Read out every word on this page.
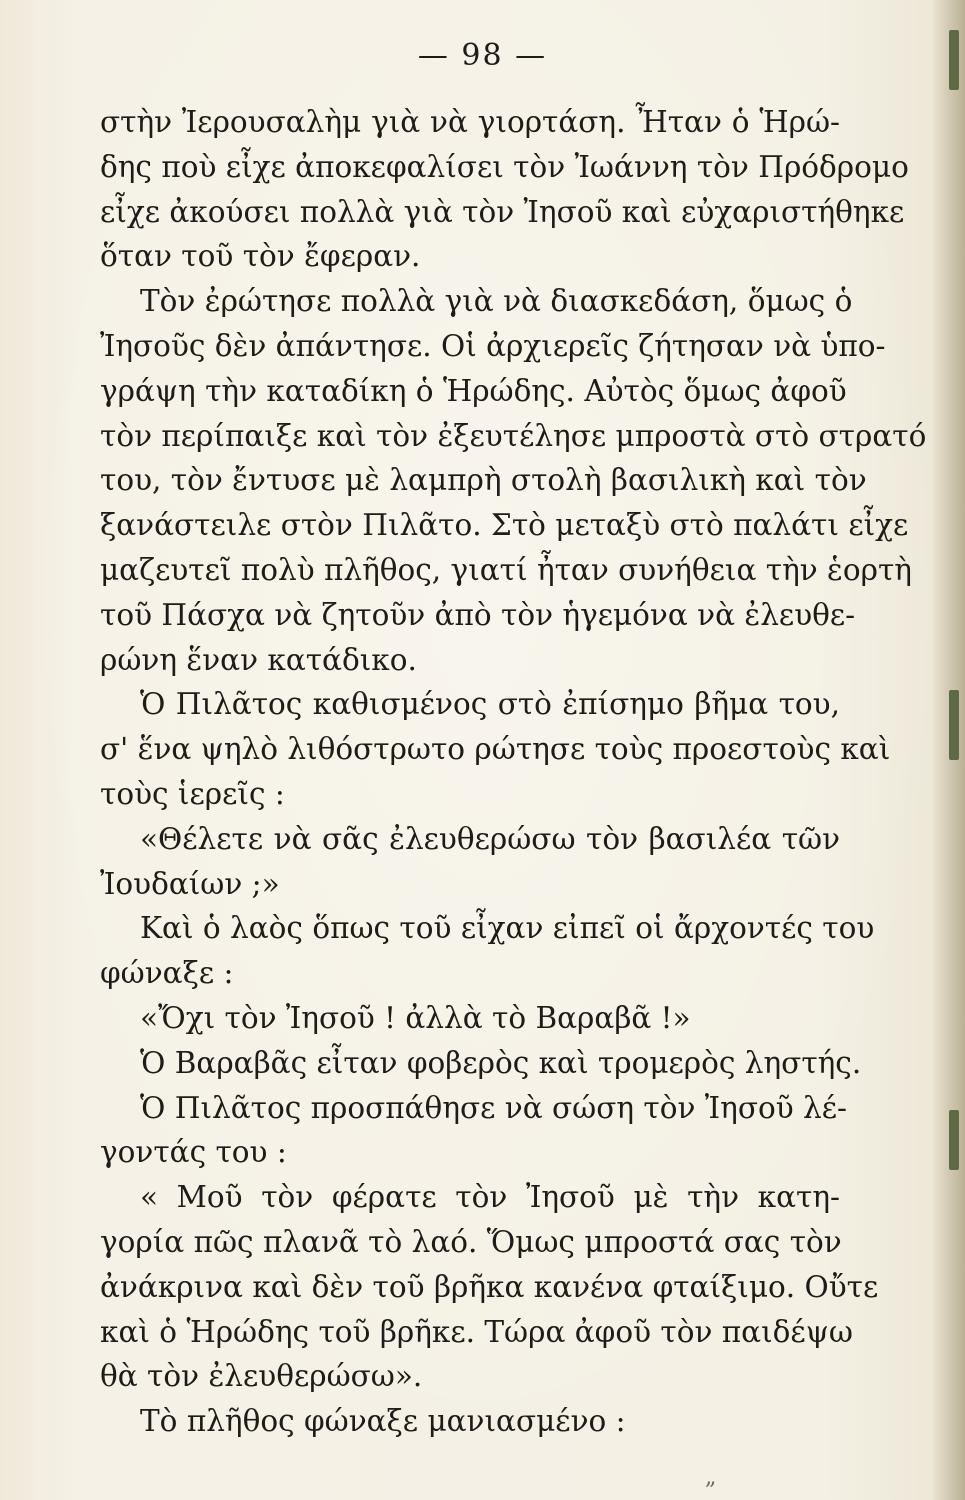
— 98 —
στὴν Ἰερουσαλὴμ γιὰ νὰ γιορτάση. Ἦταν ὁ Ἡρώ-
δης ποὺ εἶχε ἀποκεφαλίσει τὸν Ἰωάννη τὸν Πρόδρομο
εἶχε ἀκούσει πολλὰ γιὰ τὸν Ἰησοῦ καὶ εὐχαριστήθηκε
ὅταν τοῦ τὸν ἔφεραν.
Τὸν ἐρώτησε πολλὰ γιὰ νὰ διασκεδάση, ὅμως ὁ
Ἰησοῦς δὲν ἀπάντησε. Οἱ ἀρχιερεῖς ζήτησαν νὰ ὑπο-
γράψη τὴν καταδίκη ὁ Ἡρώδης. Αὐτὸς ὅμως ἀφοῦ
τὸν περίπαιξε καὶ τὸν ἐξευτέλησε μπροστὰ στὸ στρατό
του, τὸν ἔντυσε μὲ λαμπρὴ στολὴ βασιλικὴ καὶ τὸν
ξανάστειλε στὸν Πιλᾶτο. Στὸ μεταξὺ στὸ παλάτι εἶχε
μαζευτεῖ πολὺ πλῆθος, γιατί ἦταν συνήθεια τὴν ἑορτὴ
τοῦ Πάσχα νὰ ζητοῦν ἀπὸ τὸν ἡγεμόνα νὰ ἐλευθε-
ρώνη ἕναν κατάδικο.
Ὁ Πιλᾶτος καθισμένος στὸ ἐπίσημο βῆμα του,
σ' ἕνα ψηλὸ λιθόστρωτο ρώτησε τοὺς προεστοὺς καὶ
τοὺς ἱερεῖς :
«Θέλετε νὰ σᾶς ἐλευθερώσω τὸν βασιλέα τῶν
Ἰουδαίων ;»
Καὶ ὁ λαὸς ὅπως τοῦ εἶχαν εἰπεῖ οἱ ἄρχοντές του
φώναξε :
«Ὄχι τὸν Ἰησοῦ ! ἀλλὰ τὸ Βαραβᾶ !»
Ὁ Βαραβᾶς εἶταν φοβερὸς καὶ τρομερὸς ληστής.
Ὁ Πιλᾶτος προσπάθησε νὰ σώση τὸν Ἰησοῦ λέ-
γοντάς του :
« Μοῦ τὸν φέρατε τὸν Ἰησοῦ μὲ τὴν κατη-
γορία πῶς πλανᾶ τὸ λαό. Ὅμως μπροστά σας τὸν
ἀνάκρινα καὶ δὲν τοῦ βρῆκα κανένα φταίξιμο. Οὔτε
καὶ ὁ Ἡρώδης τοῦ βρῆκε. Τώρα ἀφοῦ τὸν παιδέψω
θὰ τὸν ἐλευθερώσω».
Τὸ πλῆθος φώναξε μανιασμένο :
„
